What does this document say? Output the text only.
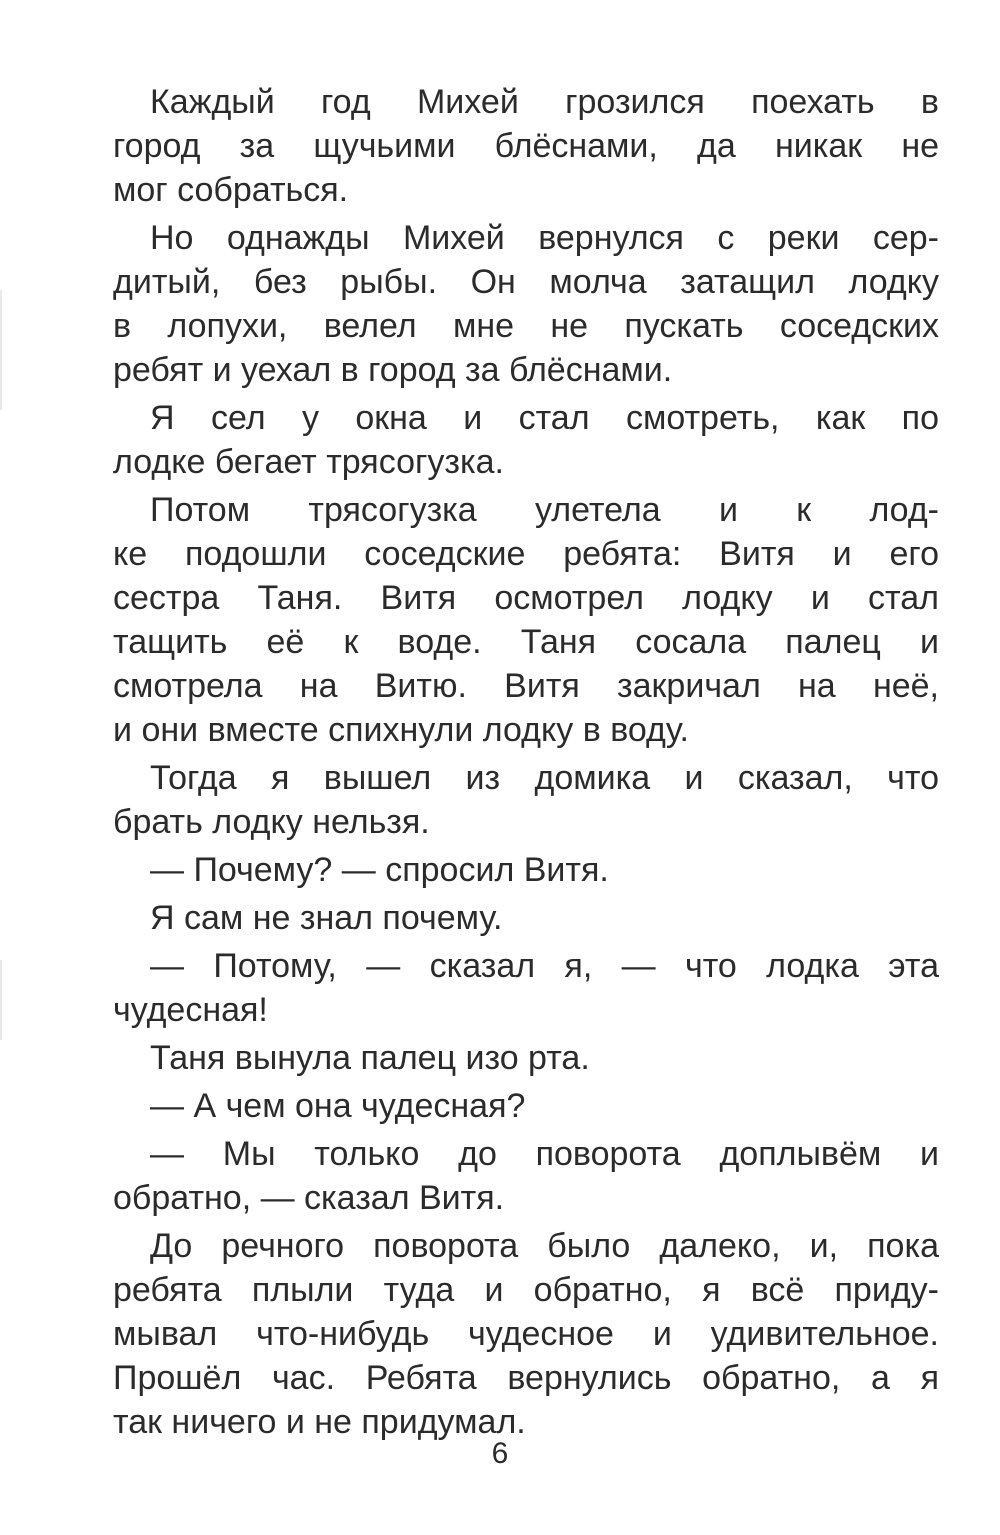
Каждый год Михей грозился поехать в
город за щучьими блёснами, да никак не
мог собраться.
Но однажды Михей вернулся с реки сер-
дитый, без рыбы. Он молча затащил лодку
в лопухи, велел мне не пускать соседских
ребят и уехал в город за блёснами.
Я сел у окна и стал смотреть, как по
лодке бегает трясогузка.
Потом трясогузка улетела и к лод-
ке подошли соседские ребята: Витя и его
сестра Таня. Витя осмотрел лодку и стал
тащить её к воде. Таня сосала палец и
смотрела на Витю. Витя закричал на неё,
и они вместе спихнули лодку в воду.
Тогда я вышел из домика и сказал, что
брать лодку нельзя.
— Почему? — спросил Витя.
Я сам не знал почему.
— Потому, — сказал я, — что лодка эта
чудесная!
Таня вынула палец изо рта.
— А чем она чудесная?
— Мы только до поворота доплывём и
обратно, — сказал Витя.
До речного поворота было далеко, и, пока
ребята плыли туда и обратно, я всё приду-
мывал что-нибудь чудесное и удивительное.
Прошёл час. Ребята вернулись обратно, а я
так ничего и не придумал.
6
